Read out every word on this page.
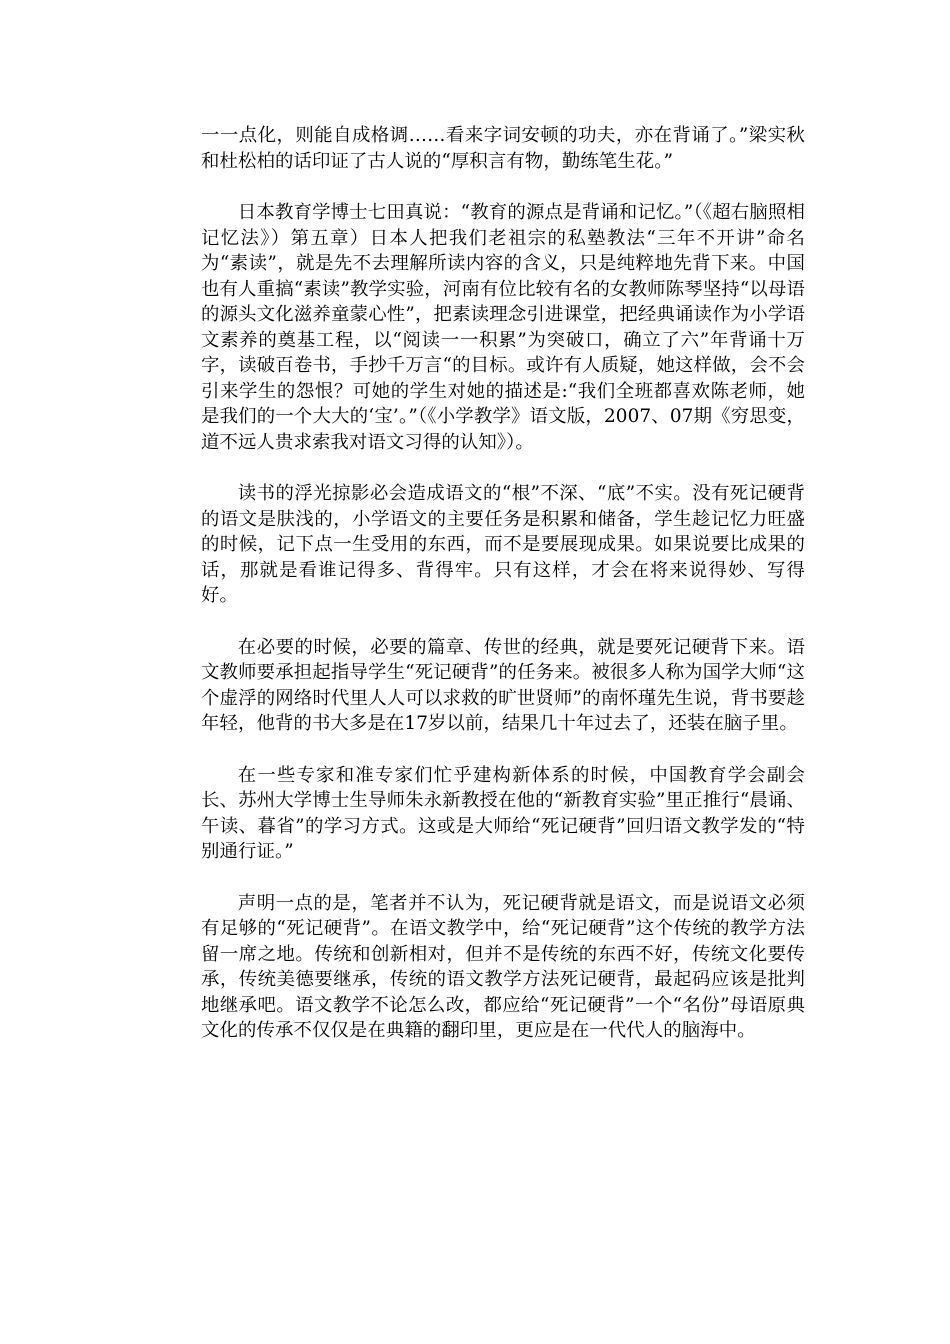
一一点化，则能自成格调……看来字词安顿的功夫，亦在背诵了。”梁实秋和杜松柏的话印证了古人说的“厚积言有物，勤练笔生花。”

日本教育学博士七田真说：“教育的源点是背诵和记忆。”（《超右脑照相记忆法》）第五章）日本人把我们老祖宗的私塾教法“三年不开讲”命名为“素读”，就是先不去理解所读内容的含义，只是纯粹地先背下来。中国也有人重搞“素读”教学实验，河南有位比较有名的女教师陈琴坚持“以母语的源头文化滋养童蒙心性”，把素读理念引进课堂，把经典诵读作为小学语文素养的奠基工程，以“阅读一一积累”为突破口，确立了六”年背诵十万字，读破百卷书，手抄千万言“的目标。或许有人质疑，她这样做，会不会引来学生的怨恨？可她的学生对她的描述是:“我们全班都喜欢陈老师，她是我们的一个大大的‘宝’。”（《小学教学》语文版，2007、07期《穷思变，道不远人贵求索我对语文习得的认知》）。

读书的浮光掠影必会造成语文的“根”不深、“底”不实。没有死记硬背的语文是肤浅的，小学语文的主要任务是积累和储备，学生趁记忆力旺盛的时候，记下点一生受用的东西，而不是要展现成果。如果说要比成果的话，那就是看谁记得多、背得牢。只有这样，才会在将来说得妙、写得好。

在必要的时候，必要的篇章、传世的经典，就是要死记硬背下来。语文教师要承担起指导学生“死记硬背”的任务来。被很多人称为国学大师“这个虚浮的网络时代里人人可以求救的旷世贤师”的南怀瑾先生说，背书要趁年轻，他背的书大多是在17岁以前，结果几十年过去了，还装在脑子里。

在一些专家和准专家们忙乎建构新体系的时候，中国教育学会副会长、苏州大学博士生导师朱永新教授在他的“新教育实验”里正推行“晨诵、午读、暮省”的学习方式。这或是大师给“死记硬背”回归语文教学发的“特别通行证。”

声明一点的是，笔者并不认为，死记硬背就是语文，而是说语文必须有足够的“死记硬背”。在语文教学中，给“死记硬背”这个传统的教学方法留一席之地。传统和创新相对，但并不是传统的东西不好，传统文化要传承，传统美德要继承，传统的语文教学方法死记硬背，最起码应该是批判地继承吧。语文教学不论怎么改，都应给“死记硬背”一个“名份”母语原典文化的传承不仅仅是在典籍的翻印里，更应是在一代代人的脑海中。
